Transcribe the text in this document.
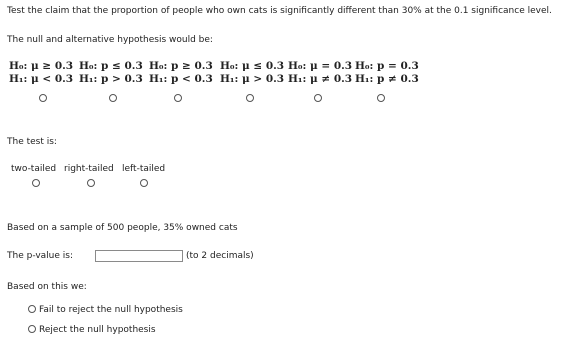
Test the claim that the proportion of people who own cats is significantly different than 30% at the 0.1 significance level.
The null and alternative hypothesis would be:
H₀: μ ≥ 0.3
H₁: μ < 0.3
H₀: p ≤ 0.3
H₁: p > 0.3
H₀: p ≥ 0.3
H₁: p < 0.3
H₀: μ ≤ 0.3
H₁: μ > 0.3
H₀: μ = 0.3
H₁: μ ≠ 0.3
H₀: p = 0.3
H₁: p ≠ 0.3
The test is:
two-tailed right-tailed left-tailed
Based on a sample of 500 people, 35% owned cats
The p-value is:	(to 2 decimals)
Based on this we:
Fail to reject the null hypothesis
Reject the null hypothesis
